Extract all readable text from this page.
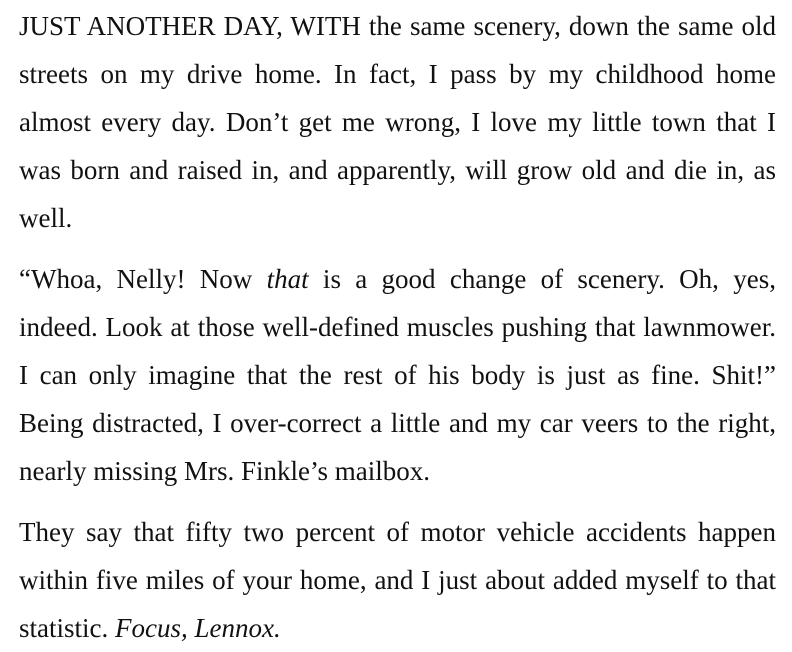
JUST ANOTHER DAY, WITH the same scenery, down the same old streets on my drive home. In fact, I pass by my childhood home almost every day. Don’t get me wrong, I love my little town that I was born and raised in, and apparently, will grow old and die in, as well.

“Whoa, Nelly! Now that is a good change of scenery. Oh, yes, indeed. Look at those well-defined muscles pushing that lawnmower. I can only imagine that the rest of his body is just as fine. Shit!” Being distracted, I over-correct a little and my car veers to the right, nearly missing Mrs. Finkle’s mailbox.

They say that fifty two percent of motor vehicle accidents happen within five miles of your home, and I just about added myself to that statistic. Focus, Lennox.
